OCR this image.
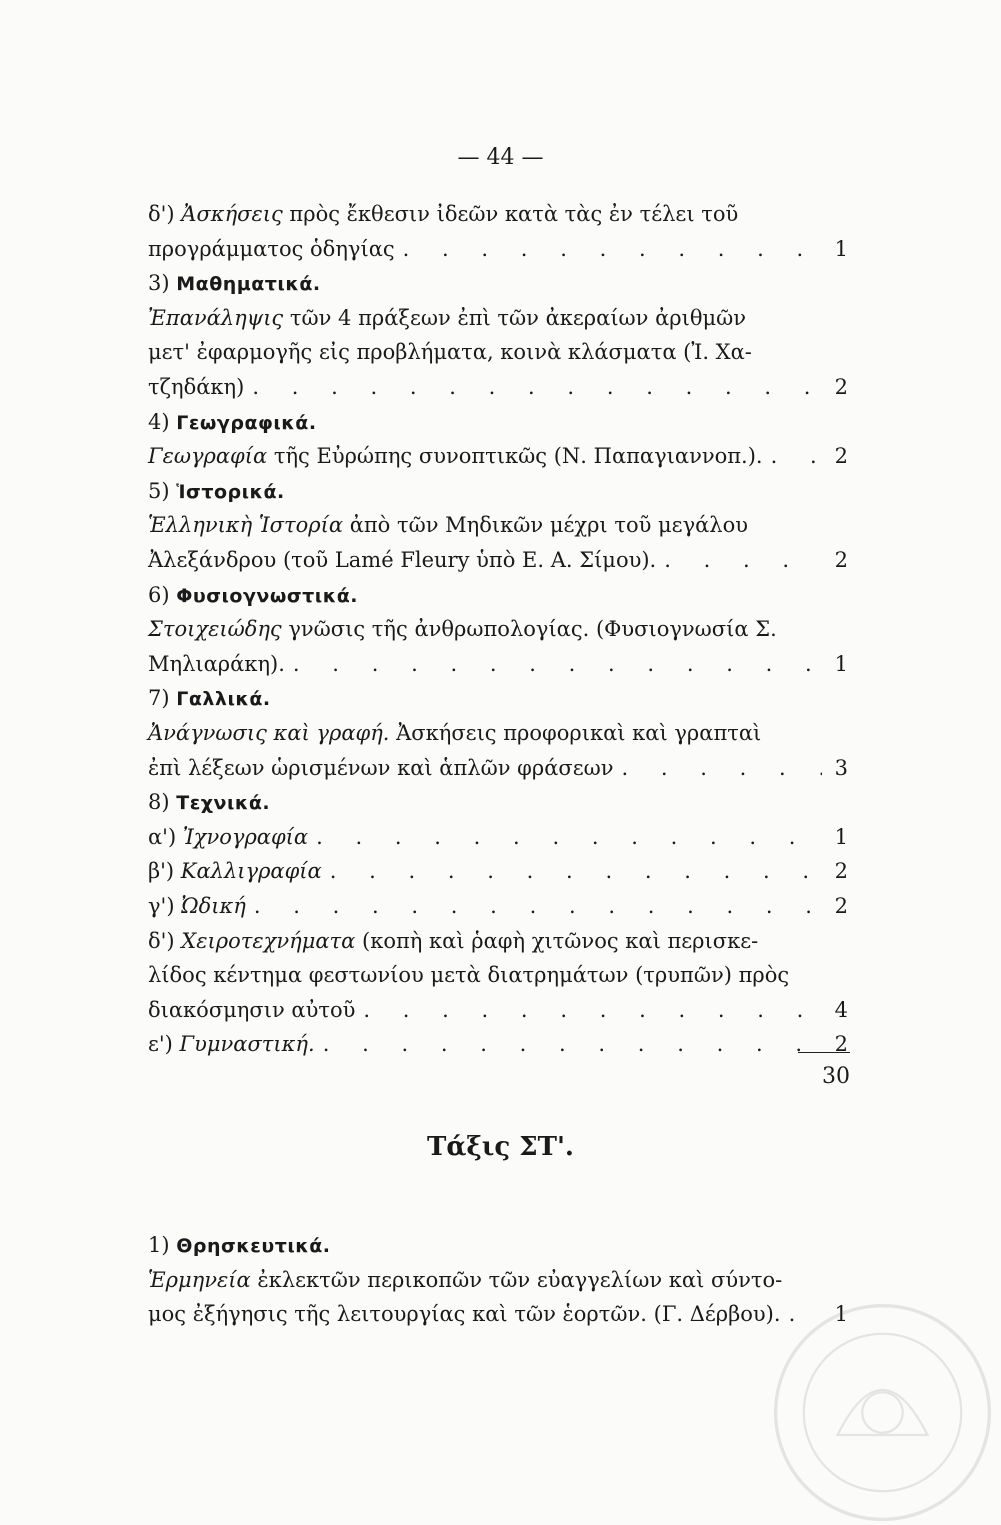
— 44 —
δ') Ἀσκήσεις πρὸς ἔκθεσιν ἰδεῶν κατὰ τὰς ἐν τέλει τοῦ
προγράμματος ὁδηγίας . . .	1
3) Μαθηματικά.
Ἐπανάληψις τῶν 4 πράξεων ἐπὶ τῶν ἀκεραίων ἀριθμῶν
μετ' ἐφαρμογῆς εἰς προβλήματα, κοινὰ κλάσματα (Ἰ. Χα-
τζηδάκη) . . .	2
4) Γεωγραφικά.
Γεωγραφία τῆς Εὐρώπης συνοπτικῶς (Ν. Παπαγιαννοπ.). . . .	2
5) Ἱστορικά.
Ἑλληνικὴ Ἱστορία ἀπὸ τῶν Μηδικῶν μέχρι τοῦ μεγάλου
Ἀλεξάνδρου (τοῦ Lamé Fleury ὑπὸ Ε. Α. Σίμου). . . .	2
6) Φυσιογνωστικά.
Στοιχειώδης γνῶσις τῆς ἀνθρωπολογίας. (Φυσιογνωσία Σ.
Μηλιαράκη). . . .	1
7) Γαλλικά.
Ἀνάγνωσις καὶ γραφή. Ἀσκήσεις προφορικαὶ καὶ γραπταὶ
ἐπὶ λέξεων ὡρισμένων καὶ ἁπλῶν φράσεων . . .	3
8) Τεχνικά.
α') Ἰχνογραφία . . .	1
β') Καλλιγραφία . . .	2
γ') Ὠδική . . .	2
δ') Χειροτεχνήματα (κοπὴ καὶ ῥαφὴ χιτῶνος καὶ περισκε-
λίδος κέντημα φεστωνίου μετὰ διατρημάτων (τρυπῶν) πρὸς
διακόσμησιν αὐτοῦ . . .	4
ε') Γυμναστική. . . .	2
30
Τάξις ΣΤ'.
1) Θρησκευτικά.
Ἑρμηνεία ἐκλεκτῶν περικοπῶν τῶν εὐαγγελίων καὶ σύντο-
μος ἐξήγησις τῆς λειτουργίας καὶ τῶν ἑορτῶν. (Γ. Δέρβου). . . .	1
